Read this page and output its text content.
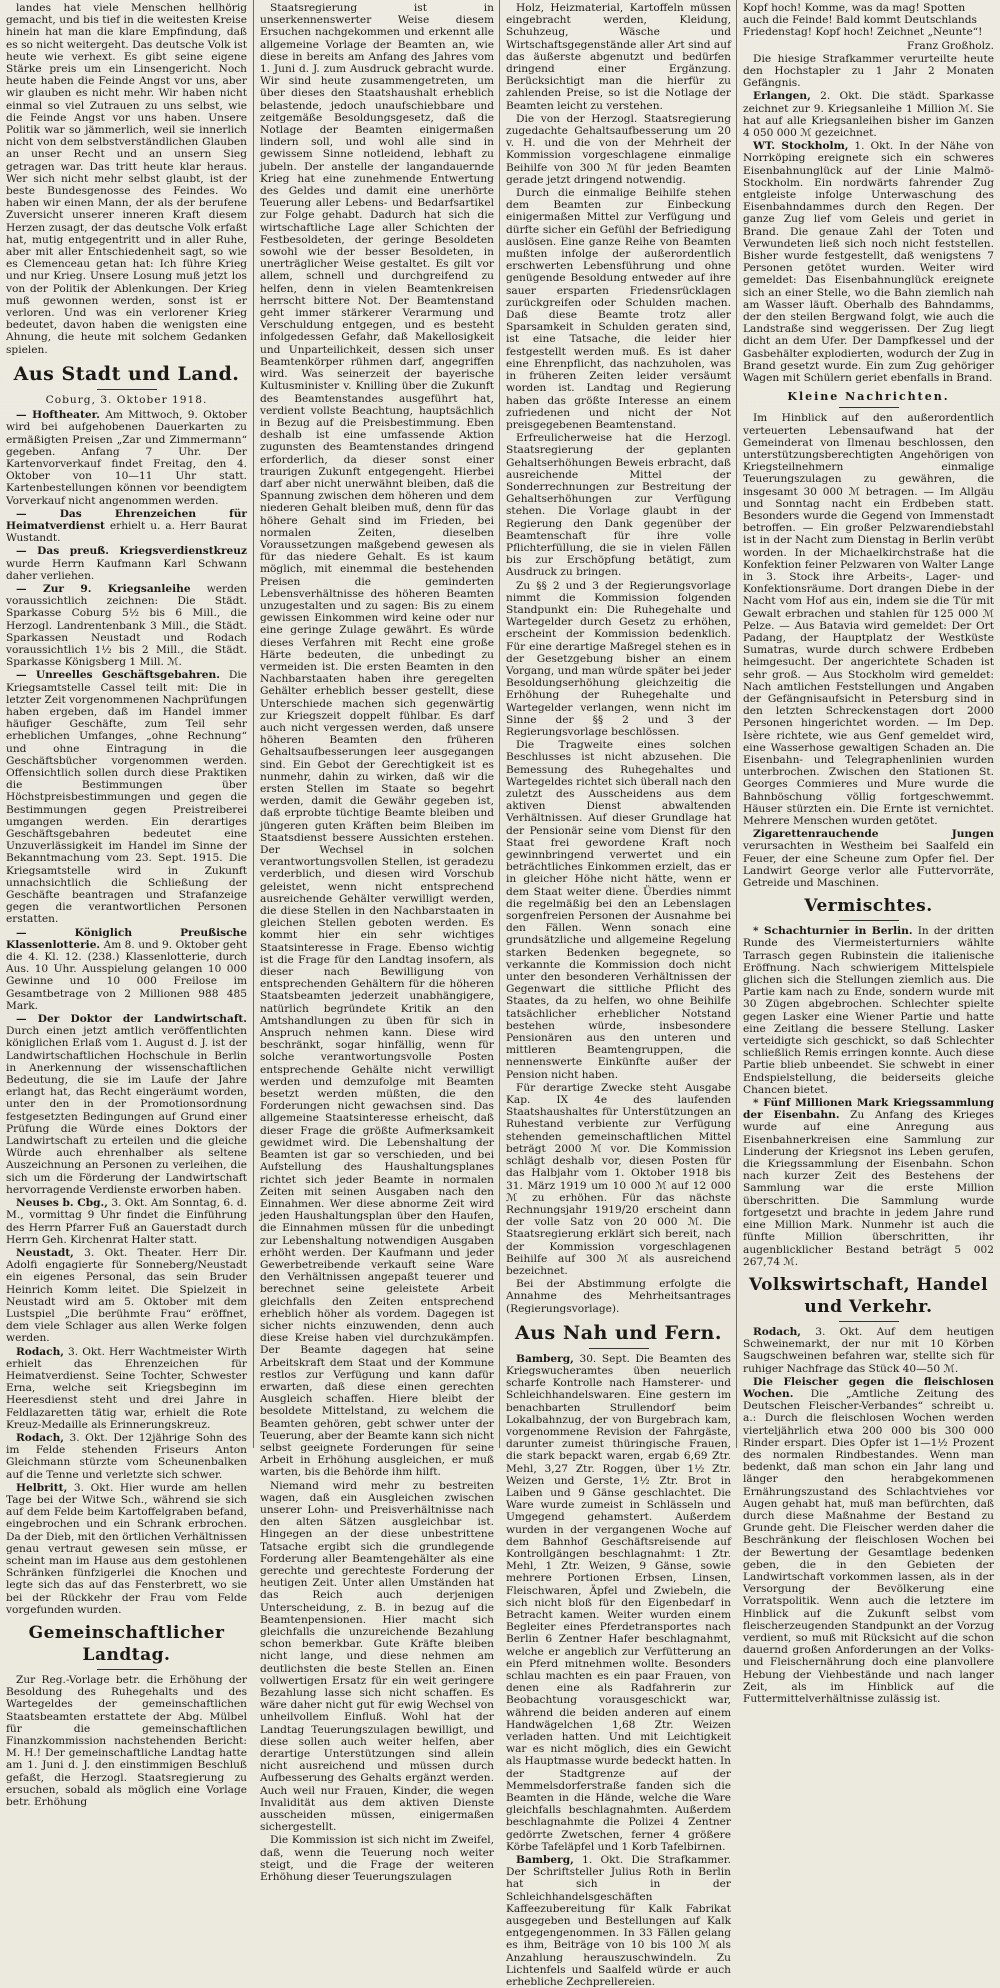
landes hat viele Menschen hellhörig gemacht, und bis tief in die weitesten Kreise hinein hat man die klare Empfindung, daß es so nicht weitergeht. Das deutsche Volk ist heute wie verhext. Es gibt seine eigene Stärke preis um ein Linsengericht. Noch heute haben die Feinde Angst vor uns, aber wir glauben es nicht mehr. Wir haben nicht einmal so viel Zutrauen zu uns selbst, wie die Feinde Angst vor uns haben. Unsere Politik war so jämmerlich, weil sie innerlich nicht von dem selbstverständlichen Glauben an unser Recht und an unsern Sieg getragen war. Das tritt heute klar heraus. Wer sich nicht mehr selbst glaubt, ist der beste Bundesgenosse des Feindes. Wo haben wir einen Mann, der als der berufene Zuversicht unserer inneren Kraft diesem Herzen zusagt, der das deutsche Volk erfaßt hat, mutig entgegentritt und in aller Ruhe, aber mit aller Entschiedenheit sagt, so wie es Clemenceau getan hat: Ich führe Krieg und nur Krieg. Unsere Losung muß jetzt los von der Politik der Ablenkungen. Der Krieg muß gewonnen werden, sonst ist er verloren. Und was ein verlorener Krieg bedeutet, davon haben die wenigsten eine Ahnung, die heute mit solchem Gedanken spielen.

Aus Stadt und Land.
Coburg, 3. Oktober 1918.

— Hoftheater. Am Mittwoch, 9. Oktober wird bei aufgehobenen Dauerkarten zu ermäßigten Preisen „Zar und Zimmermann“ gegeben. Anfang 7 Uhr. Der Kartenvorverkauf findet Freitag, den 4. Oktober von 10—11 Uhr statt. Kartenbestellungen können vor beendigtem Vorverkauf nicht angenommen werden.

— Das Ehrenzeichen für Heimatverdienst erhielt u. a. Herr Baurat Wustandt.

— Das preuß. Kriegsverdienstkreuz wurde Herrn Kaufmann Karl Schwann daher verliehen.

— Zur 9. Kriegsanleihe werden voraussichtlich zeichnen: Die Städt. Sparkasse Coburg 5½ bis 6 Mill., die Herzogl. Landrentenbank 3 Mill., die Städt. Sparkassen Neustadt und Rodach voraussichtlich 1½ bis 2 Mill., die Städt. Sparkasse Königsberg 1 Mill. ℳ.

— Unreelles Geschäftsgebahren. Die Kriegsamtstelle Cassel teilt mit: Die in letzter Zeit vorgenommenen Nachprüfungen haben ergeben, daß im Handel immer häufiger Geschäfte, zum Teil sehr erheblichen Umfanges, „ohne Rechnung“ und ohne Eintragung in die Geschäftsbücher vorgenommen werden. Offensichtlich sollen durch diese Praktiken die Bestimmungen über Höchstpreisbestimmungen und gegen die Bestimmungen gegen Preistreiberei umgangen werden. Ein derartiges Geschäftsgebahren bedeutet eine Unzuverlässigkeit im Handel im Sinne der Bekanntmachung vom 23. Sept. 1915. Die Kriegsamtstelle wird in Zukunft unnachsichtlich die Schließung der Geschäfte beantragen und Strafanzeige gegen die verantwortlichen Personen erstatten.

— Königlich Preußische Klassenlotterie. Am 8. und 9. Oktober geht die 4. Kl. 12. (238.) Klassenlotterie, durch Aus. 10 Uhr. Ausspielung gelangen 10 000 Gewinne und 10 000 Freilose im Gesamtbetrage von 2 Millionen 988 485 Mark.

— Der Doktor der Landwirtschaft. Durch einen jetzt amtlich veröffentlichten königlichen Erlaß vom 1. August d. J. ist der Landwirtschaftlichen Hochschule in Berlin in Anerkennung der wissenschaftlichen Bedeutung, die sie im Laufe der Jahre erlangt hat, das Recht eingeräumt worden, unter den in der Promotionsordnung festgesetzten Bedingungen auf Grund einer Prüfung die Würde eines Doktors der Landwirtschaft zu erteilen und die gleiche Würde auch ehrenhalber als seltene Auszeichnung an Personen zu verleihen, die sich um die Förderung der Landwirtschaft hervorragende Verdienste erworben haben.

Neuses b. Cbg., 3. Okt. Am Sonntag, 6. d. M., vormittag 9 Uhr findet die Einführung des Herrn Pfarrer Fuß an Gauerstadt durch Herrn Geh. Kirchenrat Halter statt.

Neustadt, 3. Okt. Theater. Herr Dir. Adolfi engagierte für Sonneberg/Neustadt ein eigenes Personal, das sein Bruder Heinrich Komm leitet. Die Spielzeit in Neustadt wird am 5. Oktober mit dem Lustspiel „Die berühmte Frau“ eröffnet, dem viele Schlager aus allen Werke folgen werden.

Rodach, 3. Okt. Herr Wachtmeister Wirth erhielt das Ehrenzeichen für Heimatverdienst. Seine Tochter, Schwester Erna, welche seit Kriegsbeginn im Heeresdienst steht und drei Jahre in Feldlazaretten tätig war, erhielt die Rote Kreuz-Medaille als Erinnerungskreuz.

Rodach, 3. Okt. Der 12jährige Sohn des im Felde stehenden Friseurs Anton Gleichmann stürzte vom Scheunenbalken auf die Tenne und verletzte sich schwer.

Helbritt, 3. Okt. Hier wurde am hellen Tage bei der Witwe Sch., während sie sich auf dem Felde beim Kartoffelgraben befand, eingebrochen und ein Schrank erbrochen. Da der Dieb, mit den örtlichen Verhältnissen genau vertraut gewesen sein müsse, er scheint man im Hause aus dem gestohlenen Schränken fünfzigerlei die Knochen und legte sich das auf das Fensterbrett, wo sie bei der Rückkehr der Frau vom Felde vorgefunden wurden.

Gemeinschaftlicher Landtag.

Zur Reg.-Vorlage betr. die Erhöhung der Besoldung des Ruhegehalts und des Wartegeldes der gemeinschaftlichen Staatsbeamten erstattete der Abg. Mülbel für die gemeinschaftlichen Finanzkommission nachstehenden Bericht: M. H.! Der gemeinschaftliche Landtag hatte am 1. Juni d. J. den einstimmigen Beschluß gefaßt, die Herzogl. Staatsregierung zu ersuchen, sobald als möglich eine Vorlage betr. Erhöhung

Staatsregierung ist in unserkennenswerter Weise diesem Ersuchen nachgekommen und erkennt alle allgemeine Vorlage der Beamten an, wie diese in bereits am Anfang des Jahres vom 1. Juni d. J. zum Ausdruck gebracht wurde. Wir sind heute zusammengetreten, um über dieses den Staatshaushalt erheblich belastende, jedoch unaufschiebbare und zeitgemäße Besoldungsgesetz, daß die Notlage der Beamten einigermaßen lindern soll, und wohl alle sind in gewissem Sinne notleidend, lebhaft zu jubeln. Der anstelle der langandauernde Krieg hat eine zunehmende Entwertung des Geldes und damit eine unerhörte Teuerung aller Lebens- und Bedarfsartikel zur Folge gehabt. Dadurch hat sich die wirtschaftliche Lage aller Schichten der Festbesoldeten, der geringe Besoldeten sowohl wie der besser Besoldeten, in unerträglicher Weise gestaltet. Es gilt vor allem, schnell und durchgreifend zu helfen, denn in vielen Beamtenkreisen herrscht bittere Not. Der Beamtenstand geht immer stärkerer Verarmung und Verschuldung entgegen, und es besteht infolgedessen Gefahr, daß Makellosigkeit und Unparteilichkeit, dessen sich unser Beamtenkörper rühmen darf, angegriffen wird. Was seinerzeit der bayerische Kultusminister v. Knilling über die Zukunft des Beamtenstandes ausgeführt hat, verdient vollste Beachtung, hauptsächlich in Bezug auf die Preisbestimmung. Eben deshalb ist eine umfassende Aktion zugunsten des Beamtenstandes dringend erforderlich, da dieser sonst einer traurigen Zukunft entgegengeht. Hierbei darf aber nicht unerwähnt bleiben, daß die Spannung zwischen dem höheren und dem niederen Gehalt bleiben muß, denn für das höhere Gehalt sind im Frieden, bei normalen Zeiten, dieselben Voraussetzungen maßgebend gewesen als für das niedere Gehalt. Es ist kaum möglich, mit einemmal die bestehenden Preisen die geminderten Lebensverhältnisse des höheren Beamten unzugestalten und zu sagen: Bis zu einem gewissen Einkommen wird keine oder nur eine geringe Zulage gewährt. Es würde dieses Verfahren mit Recht eine große Härte bedeuten, die unbedingt zu vermeiden ist. Die ersten Beamten in den Nachbarstaaten haben ihre geregelten Gehälter erheblich besser gestellt, diese Unterschiede machen sich gegenwärtig zur Kriegszeit doppelt fühlbar. Es darf auch nicht vergessen werden, daß unsere höheren Beamten den früheren Gehaltsaufbesserungen leer ausgegangen sind. Ein Gebot der Gerechtigkeit ist es nunmehr, dahin zu wirken, daß wir die ersten Stellen im Staate so begehrt werden, damit die Gewähr gegeben ist, daß erprobte tüchtige Beamte bleiben und jüngeren guten Kräften beim Bleiben im Staatsdienst bessere Aussichten erstehen. Der Wechsel in solchen verantwortungsvollen Stellen, ist geradezu verderblich, und diesen wird Vorschub geleistet, wenn nicht entsprechend ausreichende Gehälter verwilligt werden, die diese Stellen in den Nachbarstaaten in gleichen Stellen geboten werden. Es kommt hier ein sehr wichtiges Staatsinteresse in Frage. Ebenso wichtig ist die Frage für den Landtag insofern, als dieser nach Bewilligung von entsprechenden Gehältern für die höheren Staatsbeamten jederzeit unabhängigere, natürlich begründete Kritik an den Amtshandlungen zu üben für sich in Anspruch nehmen kann. Diese wird beschränkt, sogar hinfällig, wenn für solche verantwortungsvolle Posten entsprechende Gehälte nicht verwilligt werden und demzufolge mit Beamten besetzt werden müßten, die den Forderungen nicht gewachsen sind. Das allgemeine Staatsinteresse erheischt, daß dieser Frage die größte Aufmerksamkeit gewidmet wird. Die Lebenshaltung der Beamten ist gar so verschieden, und bei Aufstellung des Haushaltungsplanes richtet sich jeder Beamte in normalen Zeiten mit seinen Ausgaben nach den Einnahmen. Wer diese abnorme Zeit wird jeden Haushaltungsplan über den Haufen, die Einnahmen müssen für die unbedingt zur Lebenshaltung notwendigen Ausgaben erhöht werden. Der Kaufmann und jeder Gewerbetreibende verkauft seine Ware den Verhältnissen angepaßt teuerer und berechnet seine geleistete Arbeit gleichfalls den Zeiten entsprechend erheblich höher als vordem. Dagegen ist sicher nichts einzuwenden, denn auch diese Kreise haben viel durchzukämpfen. Der Beamte dagegen hat seine Arbeitskraft dem Staat und der Kommune restlos zur Verfügung und kann dafür erwarten, daß diese einen gerechten Ausgleich schaffen. Hiere bleibt der besoldete Mittelstand, zu welchem die Beamten gehören, gebt schwer unter der Teuerung, aber der Beamte kann sich nicht selbst geeignete Forderungen für seine Arbeit in Erhöhung ausgleichen, er muß warten, bis die Behörde ihm hilft.

Niemand wird mehr zu bestreiten wagen, daß ein Ausgleichen zwischen unserer Lohn- und Preisverhältnisse nach den alten Sätzen ausgleichbar ist. Hingegen an der diese unbestrittene Tatsache ergibt sich die grundlegende Forderung aller Beamtengehälter als eine gerechte und gerechteste Forderung der heutigen Zeit. Unter allen Umständen hat das Reich auch derjenigen Unterscheidung, z. B. in bezug auf die Beamtenpensionen. Hier macht sich gleichfalls die unzureichende Bezahlung schon bemerkbar. Gute Kräfte bleiben nicht lange, und diese nehmen am deutlichsten die beste Stellen an. Einen vollwertigen Ersatz für ein weit geringere Bezahlung lasse sich nicht schaffen. Es wäre daher nicht gut für ewig Wechsel von unheilvollem Einfluß. Wohl hat der Landtag Teuerungszulagen bewilligt, und diese sollen auch weiter helfen, aber derartige Unterstützungen sind allein nicht ausreichend und müssen durch Aufbesserung des Gehalts ergänzt werden. Auch weil nur Frauen, Kinder, die wegen Invalidität aus dem aktiven Dienste ausscheiden müssen, einigermaßen sichergestellt.

Die Kommission ist sich nicht im Zweifel, daß, wenn die Teuerung noch weiter steigt, und die Frage der weiteren Erhöhung dieser Teuerungszulagen

Holz, Heizmaterial, Kartoffeln müssen eingebracht werden, Kleidung, Schuhzeug, Wäsche und Wirtschaftsgegenstände aller Art sind auf das äußerste abgenutzt und bedürfen dringend einer Ergänzung. Berücksichtigt man die hierfür zu zahlenden Preise, so ist die Notlage der Beamten leicht zu verstehen.

Die von der Herzogl. Staatsregierung zugedachte Gehaltsaufbesserung um 20 v. H. und die von der Mehrheit der Kommission vorgeschlagene einmalige Beihilfe von 300 ℳ für jeden Beamten gerade jetzt dringend notwendig.

Durch die einmalige Beihilfe stehen dem Beamten zur Einbeckung einigermaßen Mittel zur Verfügung und dürfte sicher ein Gefühl der Befriedigung auslösen. Eine ganze Reihe von Beamten mußten infolge der außerordentlich erschwerten Lebensführung und ohne genügende Besoldung entweder auf ihre sauer ersparten Friedensrücklagen zurückgreifen oder Schulden machen. Daß diese Beamte trotz aller Sparsamkeit in Schulden geraten sind, ist eine Tatsache, die leider hier festgestellt werden muß. Es ist daher eine Ehrenpflicht, das nachzuholen, was in früheren Zeiten leider versäumt worden ist. Landtag und Regierung haben das größte Interesse an einem zufriedenen und nicht der Not preisgegebenen Beamtenstand.

Erfreulicherweise hat die Herzogl. Staatsregierung der geplanten Gehaltserhöhungen Beweis erbracht, daß ausreichende Mittel der Sonderrechnungen zur Bestreitung der Gehaltserhöhungen zur Verfügung stehen. Die Vorlage glaubt in der Regierung den Dank gegenüber der Beamtenschaft für ihre volle Pflichterfüllung, die sie in vielen Fällen bis zur Erschöpfung betätigt, zum Ausdruck zu bringen.

Zu §§ 2 und 3 der Regierungsvorlage nimmt die Kommission folgenden Standpunkt ein: Die Ruhegehalte und Wartegelder durch Gesetz zu erhöhen, erscheint der Kommission bedenklich. Für eine derartige Maßregel stehen es in der Gesetzgebung bisher an einem Vorgang, und man würde später bei jeder Besoldungserhöhung gleichzeitig die Erhöhung der Ruhegehalte und Wartegelder verlangen, wenn nicht im Sinne der §§ 2 und 3 der Regierungsvorlage beschlössen.

Die Tragweite eines solchen Beschlusses ist nicht abzusehen. Die Bemessung des Ruhegehaltes und Wartegeldes richtet sich überall nach den zuletzt des Ausscheidens aus dem aktiven Dienst abwaltenden Verhältnissen. Auf dieser Grundlage hat der Pensionär seine vom Dienst für den Staat frei gewordene Kraft noch gewinnbringend verwertet und ein beträchtliches Einkommen erzielt, das er in gleicher Höhe nicht hätte, wenn er dem Staat weiter diene. Überdies nimmt die regelmäßig bei den an Lebenslagen sorgenfreien Personen der Ausnahme bei den Fällen. Wenn sonach eine grundsätzliche und allgemeine Regelung starken Bedenken begegnete, so verkannte die Kommission doch nicht unter den besonderen Verhältnissen der Gegenwart die sittliche Pflicht des Staates, da zu helfen, wo ohne Beihilfe tatsächlicher erheblicher Notstand bestehen würde, insbesondere Pensionären aus den unteren und mittleren Beamtengruppen, die nennenswerte Einkünfte außer der Pension nicht haben.

Für derartige Zwecke steht Ausgabe Kap. IX 4e des laufenden Staatshaushaltes für Unterstützungen an Ruhestand verbiente zur Verfügung stehenden gemeinschaftlichen Mittel beträgt 2000 ℳ vor. Die Kommission schlägt deshalb vor, diesen Posten für das Halbjahr vom 1. Oktober 1918 bis 31. März 1919 um 10 000 ℳ auf 12 000 ℳ zu erhöhen. Für das nächste Rechnungsjahr 1919/20 erscheint dann der volle Satz von 20 000 ℳ. Die Staatsregierung erklärt sich bereit, nach der Kommission vorgeschlagenen Beihilfe auf 300 ℳ als ausreichend bezeichnet.

Bei der Abstimmung erfolgte die Annahme des Mehrheitsantrages (Regierungsvorlage).

Aus Nah und Fern.

Bamberg, 30. Sept. Die Beamten des Kriegswucheramtes üben neuerlich scharfe Kontrolle nach Hamsterer- und Schleichhandelswaren. Eine gestern im benachbarten Strullendorf beim Lokalbahnzug, der von Burgebrach kam, vorgenommene Revision der Fahrgäste, darunter zumeist thüringische Frauen, die stark bepackt waren, ergab 6,69 Ztr. Mehl, 3,27 Ztr. Roggen, über 1½ Ztr. Weizen und Gerste, 1½ Ztr. Brot in Laiben und 9 Gänse geschlachtet. Die Ware wurde zumeist in Schlässeln und Umgegend gehamstert. Außerdem wurden in der vergangenen Woche auf dem Bahnhof Geschäftsreisende auf Kontrollgängen beschlagnahmt: 1 Ztr. Mehl, 1 Ztr. Weizen, 9 Gänse, sowie mehrere Portionen Erbsen, Linsen, Fleischwaren, Äpfel und Zwiebeln, die sich nicht bloß für den Eigenbedarf in Betracht kamen. Weiter wurden einem Begleiter eines Pferdetransportes nach Berlin 6 Zentner Hafer beschlagnahmt, welche er angeblich zur Verfütterung an ein Pferd mitnehmen wollte. Besonders schlau machten es ein paar Frauen, von denen eine als Radfahrerin zur Beobachtung vorausgeschickt war, während die beiden anderen auf einem Handwägelchen 1,68 Ztr. Weizen verladen hatten. Und mit Leichtigkeit war es nicht möglich, dies ein Gewicht als Hauptmasse wurde bedeckt hatten. In der Stadtgrenze auf der Memmelsdorferstraße fanden sich die Beamten in die Hände, welche die Ware gleichfalls beschlagnahmten. Außerdem beschlagnahmte die Polizei 4 Zentner gedörrte Zwetschen, ferner 4 größere Körbe Tafeläpfel und 1 Korb Tafelbirnen.

Bamberg, 1. Okt. Die Strafkammer. Der Schriftsteller Julius Roth in Berlin hat sich in der Schleichhandelsgeschäften Kaffeezubereitung für Kalk Fabrikat ausgegeben und Bestellungen auf Kalk entgegengenommen. In 33 Fällen gelang es ihm, Beiträge von 10 bis 100 ℳ als Anzahlung herauszuschwindeln. Zu Lichtenfels und Saalfeld würde er auch erhebliche Zechprellereien.

Kopf hoch! Komme, was da mag! Spotten auch die Feinde! Bald kommt Deutschlands Friedenstag! Kopf hoch! Zeichnet „Neunte“!

Franz Großholz.

Die hiesige Strafkammer verurteilte heute den Hochstapler zu 1 Jahr 2 Monaten Gefängnis.

Erlangen, 2. Okt. Die städt. Sparkasse zeichnet zur 9. Kriegsanleihe 1 Million ℳ. Sie hat auf alle Kriegsanleihen bisher im Ganzen 4 050 000 ℳ gezeichnet.

WT. Stockholm, 1. Okt. In der Nähe von Norrköping ereignete sich ein schweres Eisenbahnunglück auf der Linie Malmö-Stockholm. Ein nordwärts fahrender Zug entgleiste infolge Unterwaschung des Eisenbahndammes durch den Regen. Der ganze Zug lief vom Geleis und geriet in Brand. Die genaue Zahl der Toten und Verwundeten ließ sich noch nicht feststellen. Bisher wurde festgestellt, daß wenigstens 7 Personen getötet wurden. Weiter wird gemeldet: Das Eisenbahnunglück ereignete sich an einer Stelle, wo die Bahn ziemlich nah am Wasser läuft. Oberhalb des Bahndamms, der den steilen Bergwand folgt, wie auch die Landstraße sind weggerissen. Der Zug liegt dicht an dem Ufer. Der Dampfkessel und der Gasbehälter explodierten, wodurch der Zug in Brand gesetzt wurde. Ein zum Zug gehöriger Wagen mit Schülern geriet ebenfalls in Brand.

Kleine Nachrichten.

Im Hinblick auf den außerordentlich verteuerten Lebensaufwand hat der Gemeinderat von Ilmenau beschlossen, den unterstützungsberechtigten Angehörigen von Kriegsteilnehmern einmalige Teuerungszulagen zu gewähren, die insgesamt 30 000 ℳ betragen. — Im Allgäu und Sonntag nacht ein Erdbeben statt. Besonders wurde die Gegend von Immenstadt betroffen. — Ein großer Pelzwarendiebstahl ist in der Nacht zum Dienstag in Berlin verübt worden. In der Michaelkirchstraße hat die Konfektion feiner Pelzwaren von Walter Lange in 3. Stock ihre Arbeits-, Lager- und Konfektionsräume. Dort drangen Diebe in der Nacht vom Hof aus ein, indem sie die Tür mit Gewalt erbrachen und stahlen für 125 000 ℳ Pelze. — Aus Batavia wird gemeldet: Der Ort Padang, der Hauptplatz der Westküste Sumatras, wurde durch schwere Erdbeben heimgesucht. Der angerichtete Schaden ist sehr groß. — Aus Stockholm wird gemeldet: Nach amtlichen Feststellungen und Angaben der Gefängnisaufsicht in Petersburg sind in den letzten Schreckenstagen dort 2000 Personen hingerichtet worden. — Im Dep. Isère richtete, wie aus Genf gemeldet wird, eine Wasserhose gewaltigen Schaden an. Die Eisenbahn- und Telegraphenlinien wurden unterbrochen. Zwischen den Stationen St. Georges Commieres und Mure wurde die Bahnböschung völlig fortgeschwemmt. Häuser stürzten ein. Die Ernte ist vernichtet. Mehrere Menschen wurden getötet.

Zigarettenrauchende Jungen verursachten in Westheim bei Saalfeld ein Feuer, der eine Scheune zum Opfer fiel. Der Landwirt George verlor alle Futtervorräte, Getreide und Maschinen.

Vermischtes.

* Schachturnier in Berlin. In der dritten Runde des Viermeisterturniers wählte Tarrasch gegen Rubinstein die italienische Eröffnung. Nach schwierigem Mittelspiele glichen sich die Stellungen ziemlich aus. Die Partie kam nach zu Ende, sondern wurde mit 30 Zügen abgebrochen. Schlechter spielte gegen Lasker eine Wiener Partie und hatte eine Zeitlang die bessere Stellung. Lasker verteidigte sich geschickt, so daß Schlechter schließlich Remis erringen konnte. Auch diese Partie blieb unbeendet. Sie schwebt in einer Endspielstellung, die beiderseits gleiche Chancen bietet.

* Fünf Millionen Mark Kriegssammlung der Eisenbahn. Zu Anfang des Krieges wurde auf eine Anregung aus Eisenbahnerkreisen eine Sammlung zur Linderung der Kriegsnot ins Leben gerufen, die Kriegssammlung der Eisenbahn. Schon nach kurzer Zeit des Bestehens der Sammlung war die erste Million überschritten. Die Sammlung wurde fortgesetzt und brachte in jedem Jahre rund eine Million Mark. Nunmehr ist auch die fünfte Million überschritten, ihr augenblicklicher Bestand beträgt 5 002 267,74 ℳ.

Volkswirtschaft, Handel und Verkehr.

Rodach, 3. Okt. Auf dem heutigen Schweinemarkt, der nur mit 10 Körben Saugschweinen befahren war, stellte sich für ruhiger Nachfrage das Stück 40—50 ℳ.

Die Fleischer gegen die fleischlosen Wochen. Die „Amtliche Zeitung des Deutschen Fleischer-Verbandes“ schreibt u. a.: Durch die fleischlosen Wochen werden vierteljährlich etwa 200 000 bis 300 000 Rinder erspart. Dies Opfer ist 1—1½ Prozent des normalen Rindbestandes. Wenn man bedenkt, daß man schon ein Jahr lang und länger den herabgekommenen Ernährungszustand des Schlachtviehes vor Augen gehabt hat, muß man befürchten, daß durch diese Maßnahme der Bestand zu Grunde geht. Die Fleischer werden daher die Beschränkung der fleischlosen Wochen bei der Bewertung der Gesamtlage bedenken geben, die in den Gebieten der Landwirtschaft vorkommen lassen, als in der Versorgung der Bevölkerung eine Vorratspolitik. Wenn auch die letztere im Hinblick auf die Zukunft selbst vom fleischerzeugenden Standpunkt an der Vorzug verdient, so muß mit Rücksicht auf die schon dauernd großen Anforderungen an der Volks- und Fleischernährung doch eine planvollere Hebung der Viehbestände und nach langer Zeit, als im Hinblick auf die Futtermittelverhältnisse zulässig ist.
